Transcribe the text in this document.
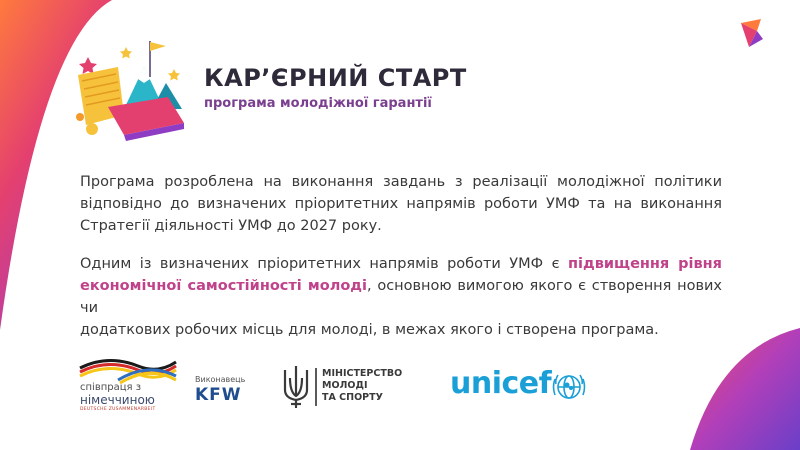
КАР’ЄРНИЙ СТАРТ
програма молодіжної гарантії
Програма розроблена на виконання завдань з реалізації молодіжної політики
відповідно до визначених пріоритетних напрямів роботи УМФ та на виконання
Стратегії діяльності УМФ до 2027 року.
Одним із визначених пріоритетних напрямів роботи УМФ є підвищення рівня
економічної самостійності молоді, основною вимогою якого є створення нових чи
додаткових робочих місць для молоді, в межах якого і створена програма.
співпраця з
німеччиною
DEUTSCHE ZUSAMMENARBEIT
Виконавець
KFW
МІНІСТЕРСТВО
МОЛОДІ
ТА СПОРТУ	unicef
